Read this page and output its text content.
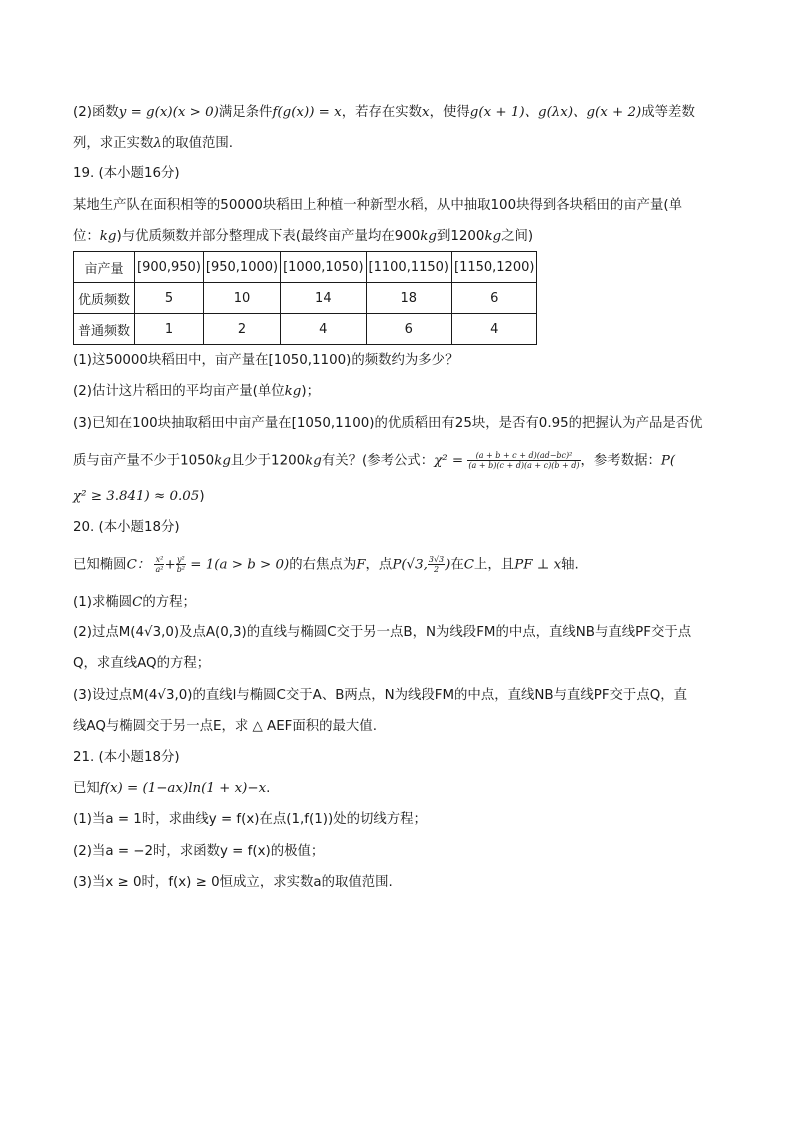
(2)函数y = g(x)(x > 0)满足条件f(g(x)) = x，若存在实数x，使得g(x + 1)、g(λx)、g(x + 2)成等差数
列，求正实数λ的取值范围.
19. (本小题16分)
某地生产队在面积相等的50000块稻田上种植一种新型水稻，从中抽取100块得到各块稻田的亩产量(单
位：kg)与优质频数并部分整理成下表(最终亩产量均在900kg到1200kg之间)
亩产量	[900,950)	[950,1000)	[1000,1050)	[1100,1150)	[1150,1200)
优质频数	5	10	14	18	6
普通频数	1	2	4	6	4
(1)这50000块稻田中，亩产量在[1050,1100)的频数约为多少？
(2)估计这片稻田的平均亩产量(单位kg)；
(3)已知在100块抽取稻田中亩产量在[1050,1100)的优质稻田有25块，是否有0.95的把握认为产品是否优
质与亩产量不少于1050kg且少于1200kg有关？(参考公式：$\chi^2 = \frac{\text{(a + b + c + d)(ad−bc)²}}{(a + b)(c + d)(a + c)(b + d)}$ ，参考数据：P(
χ² ≥ 3.841) ≈ 0.05)
20. (本小题18分)
已知椭圆C： $\frac{\text{x²}}{\text{a²}} + \frac{\text{y²}}{\text{b²}} = 1(a > b > 0)$的右焦点为F，点P(√3, $\frac{3√3}{2}$ )在C上，且PF ⊥ x轴.
(1)求椭圆C的方程；
(2)过点M(4√3,0)及点A(0,3)的直线与椭圆C交于另一点B，N为线段FM的中点，直线NB与直线PF交于点
Q，求直线AQ的方程；
(3)设过点M(4√3,0)的直线l与椭圆C交于A、B两点，N为线段FM的中点，直线NB与直线PF交于点Q，直
线AQ与椭圆交于另一点E，求 △ AEF面积的最大值.
21. (本小题18分)
已知f(x) = (1−ax)ln(1 + x)−x.
(1)当a = 1时，求曲线y = f(x)在点(1,f(1))处的切线方程；
(2)当a = −2时，求函数y = f(x)的极值；
(3)当x ≥ 0时，f(x) ≥ 0恒成立，求实数a的取值范围.
